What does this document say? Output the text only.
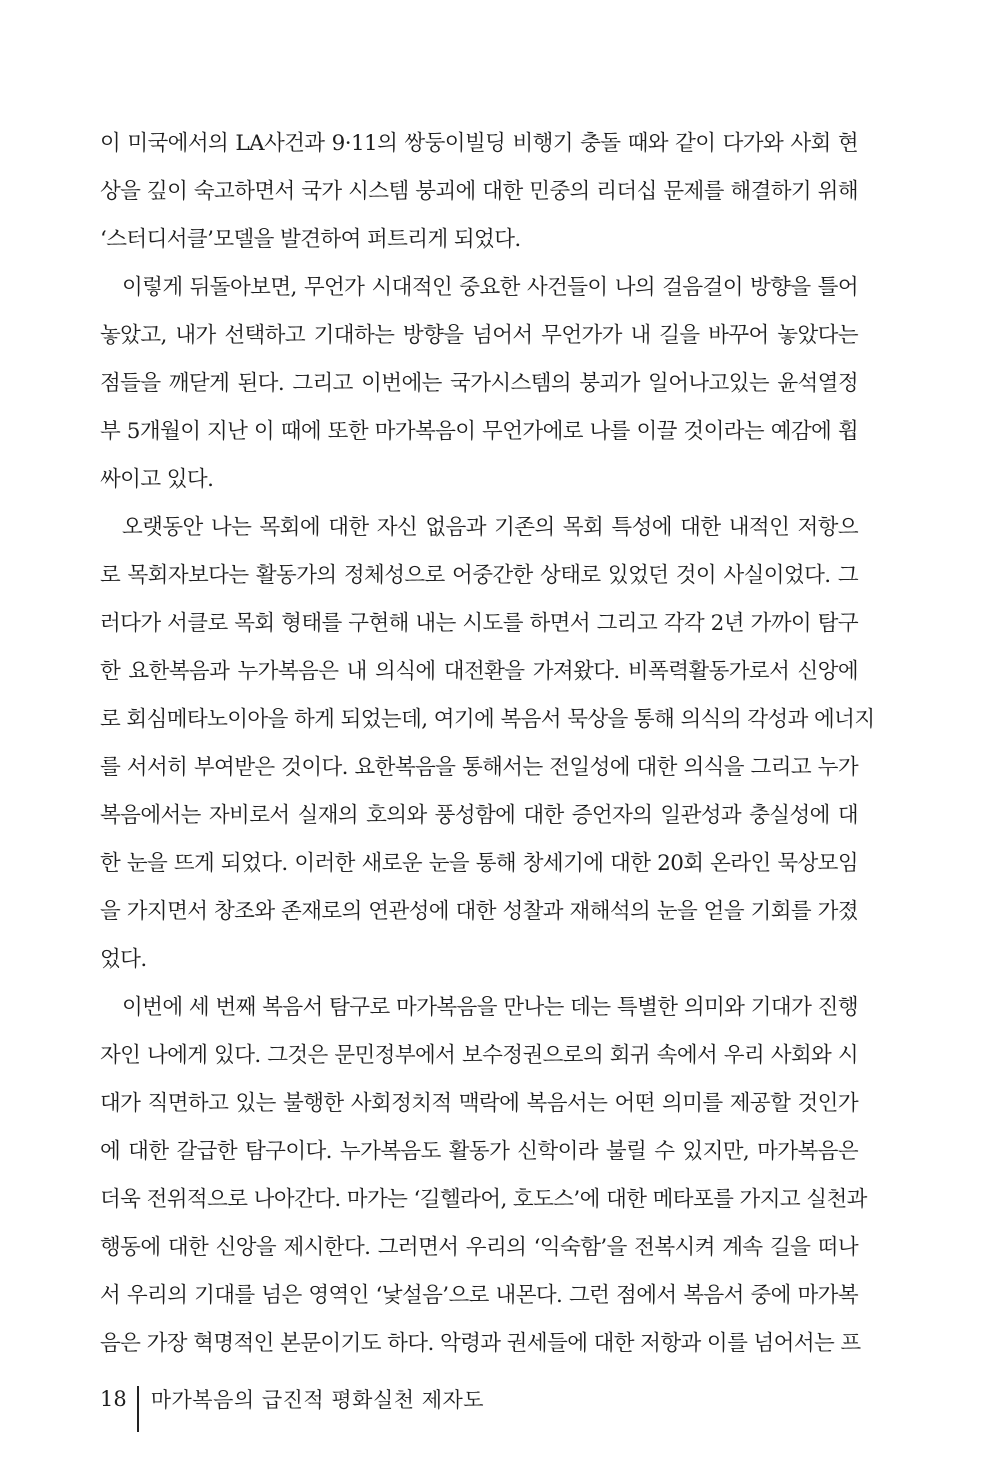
이 미국에서의 LA사건과 9·11의 쌍둥이빌딩 비행기 충돌 때와 같이 다가와 사회 현
상을 깊이 숙고하면서 국가 시스템 붕괴에 대한 민중의 리더십 문제를 해결하기 위해
‘스터디서클’모델을 발견하여 퍼트리게 되었다.
이렇게 뒤돌아보면, 무언가 시대적인 중요한 사건들이 나의 걸음걸이 방향을 틀어
놓았고, 내가 선택하고 기대하는 방향을 넘어서 무언가가 내 길을 바꾸어 놓았다는
점들을 깨닫게 된다. 그리고 이번에는 국가시스템의 붕괴가 일어나고있는 윤석열정
부 5개월이 지난 이 때에 또한 마가복음이 무언가에로 나를 이끌 것이라는 예감에 휩
싸이고 있다.
오랫동안 나는 목회에 대한 자신 없음과 기존의 목회 특성에 대한 내적인 저항으
로 목회자보다는 활동가의 정체성으로 어중간한 상태로 있었던 것이 사실이었다. 그
러다가 서클로 목회 형태를 구현해 내는 시도를 하면서 그리고 각각 2년 가까이 탐구
한 요한복음과 누가복음은 내 의식에 대전환을 가져왔다. 비폭력활동가로서 신앙에
로 회심메타노이아을 하게 되었는데, 여기에 복음서 묵상을 통해 의식의 각성과 에너지
를 서서히 부여받은 것이다. 요한복음을 통해서는 전일성에 대한 의식을 그리고 누가
복음에서는 자비로서 실재의 호의와 풍성함에 대한 증언자의 일관성과 충실성에 대
한 눈을 뜨게 되었다. 이러한 새로운 눈을 통해 창세기에 대한 20회 온라인 묵상모임
을 가지면서 창조와 존재로의 연관성에 대한 성찰과 재해석의 눈을 얻을 기회를 가졌
었다.
이번에 세 번째 복음서 탐구로 마가복음을 만나는 데는 특별한 의미와 기대가 진행
자인 나에게 있다. 그것은 문민정부에서 보수정권으로의 회귀 속에서 우리 사회와 시
대가 직면하고 있는 불행한 사회정치적 맥락에 복음서는 어떤 의미를 제공할 것인가
에 대한 갈급한 탐구이다. 누가복음도 활동가 신학이라 불릴 수 있지만, 마가복음은
더욱 전위적으로 나아간다. 마가는 ‘길헬라어, 호도스’에 대한 메타포를 가지고 실천과
행동에 대한 신앙을 제시한다. 그러면서 우리의 ‘익숙함’을 전복시켜 계속 길을 떠나
서 우리의 기대를 넘은 영역인 ‘낯설음’으로 내몬다. 그런 점에서 복음서 중에 마가복
음은 가장 혁명적인 본문이기도 하다. 악령과 권세들에 대한 저항과 이를 넘어서는 프
18 마가복음의 급진적 평화실천 제자도
